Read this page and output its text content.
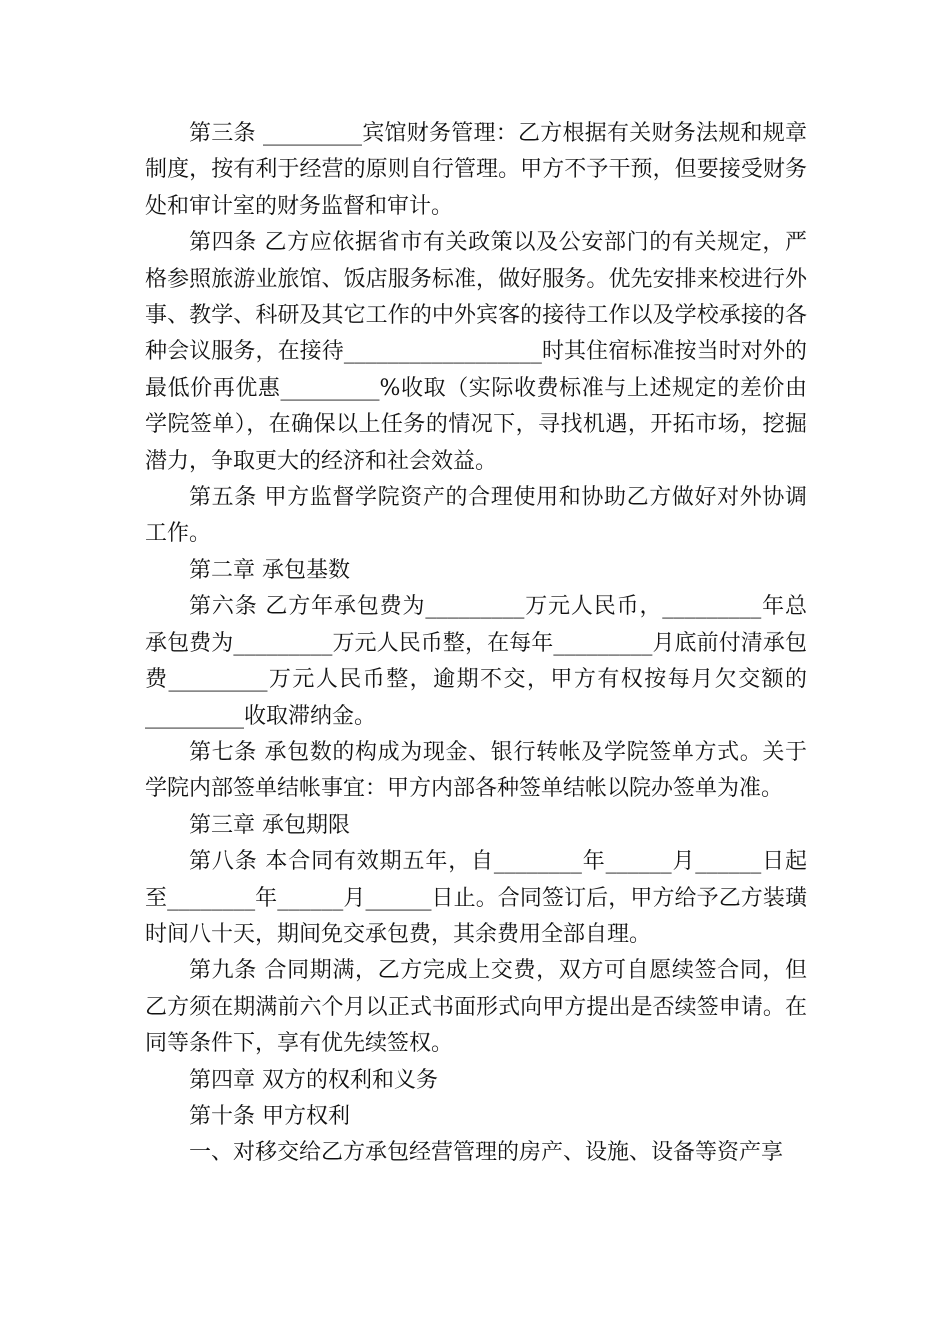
第三条 _________宾馆财务管理：乙方根据有关财务法规和规章制度，按有利于经营的原则自行管理。甲方不予干预，但要接受财务处和审计室的财务监督和审计。

第四条 乙方应依据省市有关政策以及公安部门的有关规定，严格参照旅游业旅馆、饭店服务标准，做好服务。优先安排来校进行外事、教学、科研及其它工作的中外宾客的接待工作以及学校承接的各种会议服务，在接待__________________时其住宿标准按当时对外的最低价再优惠_________%收取（实际收费标准与上述规定的差价由学院签单），在确保以上任务的情况下，寻找机遇，开拓市场，挖掘潜力，争取更大的经济和社会效益。

第五条 甲方监督学院资产的合理使用和协助乙方做好对外协调工作。

第二章 承包基数

第六条 乙方年承包费为_________万元人民币，_________年总承包费为_________万元人民币整，在每年_________月底前付清承包费_________万元人民币整，逾期不交，甲方有权按每月欠交额的_________收取滞纳金。

第七条 承包数的构成为现金、银行转帐及学院签单方式。关于学院内部签单结帐事宜：甲方内部各种签单结帐以院办签单为准。

第三章 承包期限

第八条 本合同有效期五年，自________年______月______日起至________年______月______日止。合同签订后，甲方给予乙方装璜时间八十天，期间免交承包费，其余费用全部自理。

第九条 合同期满，乙方完成上交费，双方可自愿续签合同，但乙方须在期满前六个月以正式书面形式向甲方提出是否续签申请。在同等条件下，享有优先续签权。

第四章 双方的权利和义务

第十条 甲方权利

一、对移交给乙方承包经营管理的房产、设施、设备等资产享
